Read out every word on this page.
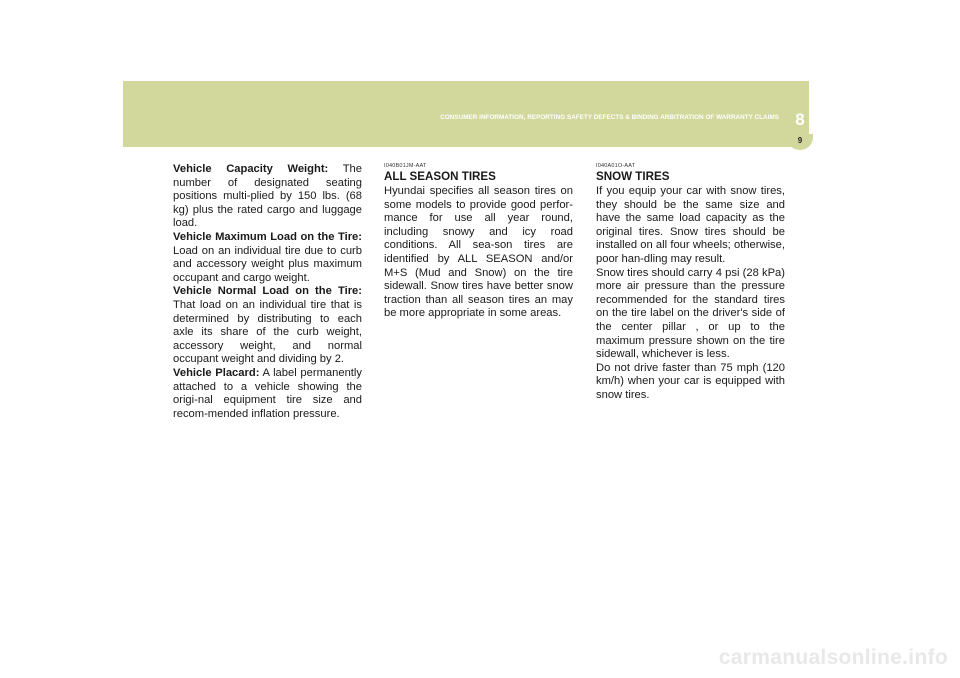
CONSUMER INFORMATION, REPORTING SAFETY DEFECTS & BINDING ARBITRATION OF WARRANTY CLAIMS 8
9

Vehicle Capacity Weight: The number of designated seating positions multi-plied by 150 lbs. (68 kg) plus the rated cargo and luggage load.

Vehicle Maximum Load on the Tire: Load on an individual tire due to curb and accessory weight plus maximum occupant and cargo weight.

Vehicle Normal Load on the Tire: That load on an individual tire that is determined by distributing to each axle its share of the curb weight, accessory weight, and normal occupant weight and dividing by 2.

Vehicle Placard: A label permanently attached to a vehicle showing the origi-nal equipment tire size and recom-mended inflation pressure.

I040B01JM-AAT
ALL SEASON TIRES

Hyundai specifies all season tires on some models to provide good perfor-mance for use all year round, including snowy and icy road conditions. All sea-son tires are identified by ALL SEASON and/or M+S (Mud and Snow) on the tire sidewall. Snow tires have better snow traction than all season tires an may be more appropriate in some areas.

I040A01O-AAT
SNOW TIRES

If you equip your car with snow tires, they should be the same size and have the same load capacity as the original tires. Snow tires should be installed on all four wheels; otherwise, poor han-dling may result.

Snow tires should carry 4 psi (28 kPa) more air pressure than the pressure recommended for the standard tires on the tire label on the driver's side of the center pillar , or up to the maximum pressure shown on the tire sidewall, whichever is less.

Do not drive faster than 75 mph (120 km/h) when your car is equipped with snow tires.

carmanualsonline.info
